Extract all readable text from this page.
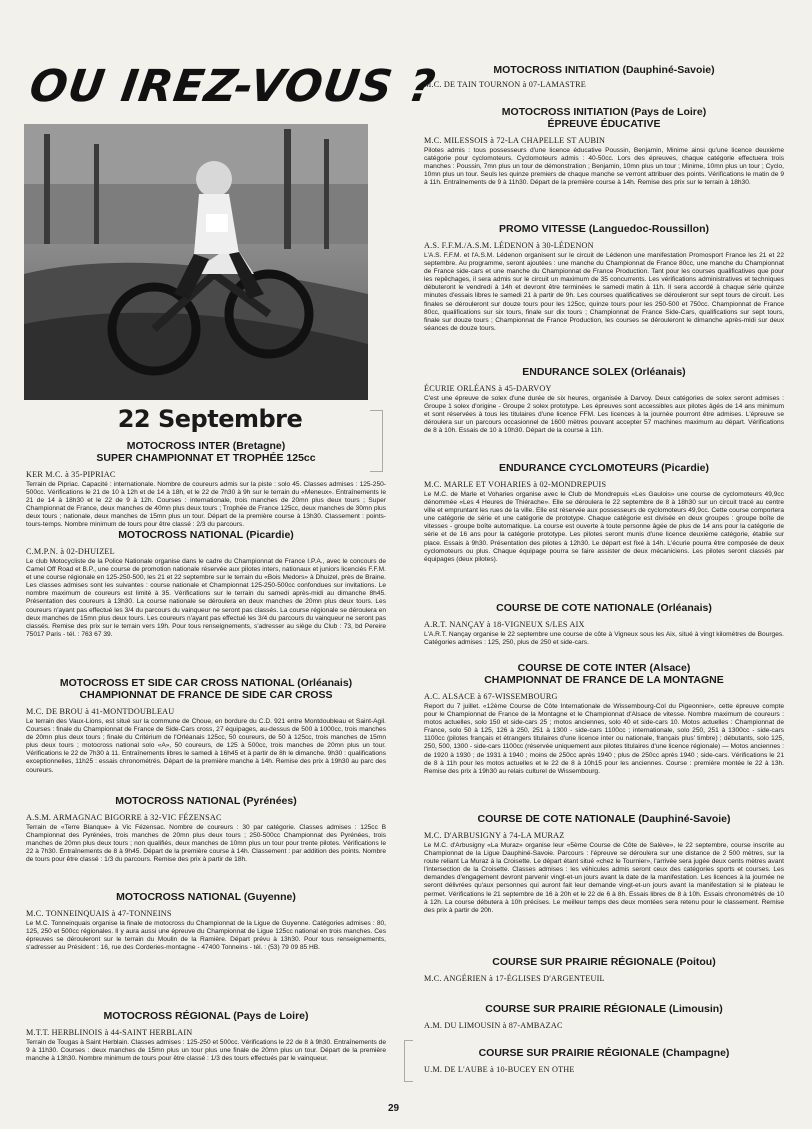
OU IREZ-VOUS ?
22 Septembre

MOTOCROSS INTER (Bretagne)

SUPER CHAMPIONNAT ET TROPHÉE 125cc

KER M.C. à 35-PIPRIAC

Terrain de Pipriac. Capacité : internationale. Nombre de coureurs admis sur la piste : solo 45. Classes admises : 125-250-500cc. Vérifications le 21 de 10 à 12h et de 14 à 18h, et le 22 de 7h30 à 9h sur le terrain du «Meneux». Entraînements le 21 de 14 à 18h30 et le 22 de 9 à 12h. Courses : internationale, trois manches de 20mn plus deux tours ; Super Championnat de France, deux manches de 40mn plus deux tours ; Trophée de France 125cc, deux manches de 30mn plus deux tours ; nationale, deux manches de 15mn plus un tour. Départ de la première course à 13h30. Classement : points-tours-temps. Nombre minimum de tours pour être classé : 2/3 du parcours.

MOTOCROSS NATIONAL (Picardie)

C.M.P.N. à 02-DHUIZEL

Le club Motocycliste de la Police Nationale organise dans le cadre du Championnat de France I.P.A., avec le concours de Camel Off Road et B.P., une course de promotion nationale réservée aux pilotes inters, nationaux et juniors licenciés F.F.M. et une course régionale en 125-250-500, les 21 et 22 septembre sur le terrain du «Bois Medors» à Dhuizel, près de Braine. Les classes admises sont les suivantes : course nationale et Championnat 125-250-500cc confondues sur invitations. Le nombre maximum de coureurs est limité à 35. Vérifications sur le terrain du samedi après-midi au dimanche 8h45. Présentation des coureurs à 13h30. La course nationale se déroulera en deux manches de 20mn plus deux tours. Les coureurs n'ayant pas effectué les 3/4 du parcours du vainqueur ne seront pas classés. La course régionale se déroulera en deux manches de 15mn plus deux tours. Les coureurs n'ayant pas effectué les 3/4 du parcours du vainqueur ne seront pas classés. Remise des prix sur le terrain vers 19h. Pour tous renseignements, s'adresser au siège du Club : 73, bd Pereire 75017 Paris - tél. : 763 67 39.

MOTOCROSS ET SIDE CAR CROSS NATIONAL (Orléanais)

CHAMPIONNAT DE FRANCE DE SIDE CAR CROSS

M.C. DE BROU à 41-MONTDOUBLEAU

Le terrain des Vaux-Lions, est situé sur la commune de Choue, en bordure du C.D. 921 entre Montdoubleau et Saint-Agil. Courses : finale du Championnat de France de Side-Cars cross, 27 équipages, au-dessus de 500 à 1000cc, trois manches de 20mn plus deux tours ; finale du Critérium de l'Orléanais 125cc, 50 coureurs, de 50 à 125cc, trois manches de 15mn plus deux tours ; motocross national solo «A», 50 coureurs, de 125 à 500cc, trois manches de 20mn plus un tour. Vérifications le 22 de 7h30 à 11. Entraînements libres le samedi à 16h45 et à partir de 8h le dimanche. 9h30 : qualifications exceptionnelles, 11h25 : essais chronométrés. Départ de la première manche à 14h. Remise des prix à 19h30 au parc des coureurs.

MOTOCROSS NATIONAL (Pyrénées)

A.S.M. ARMAGNAC BIGORRE à 32-VIC FÉZENSAC

Terrain de «Terre Blanque» à Vic Fézensac. Nombre de coureurs : 30 par catégorie. Classes admises : 125cc B Championnat des Pyrénées, trois manches de 20mn plus deux tours ; 250-500cc Championnat des Pyrénées, trois manches de 20mn plus deux tours ; non qualifiés, deux manches de 10mn plus un tour pour trente pilotes. Vérifications le 22 à 7h30. Entraînements de 8 à 9h45. Départ de la première course à 14h. Classement : par addition des points. Nombre de tours pour être classé : 1/3 du parcours. Remise des prix à partir de 18h.

MOTOCROSS NATIONAL (Guyenne)

M.C. TONNEINQUAIS à 47-TONNEINS

Le M.C. Tonneinquais organise la finale de motocross du Championnat de la Ligue de Guyenne. Catégories admises : 80, 125, 250 et 500cc régionales. Il y aura aussi une épreuve du Championnat de Ligue 125cc national en trois manches. Ces épreuves se dérouleront sur le terrain du Moulin de la Ramière. Départ prévu à 13h30. Pour tous renseignements, s'adresser au Président : 16, rue des Corderies-montagne - 47400 Tonneins - tél. : (53) 79 09 85 HB.

MOTOCROSS RÉGIONAL (Pays de Loire)

M.T.T. HERBLINOIS à 44-SAINT HERBLAIN

Terrain de Tougas à Saint Herblain. Classes admises : 125-250 et 500cc. Vérifications le 22 de 8 à 9h30. Entraînements de 9 à 11h30. Courses : deux manches de 15mn plus un tour plus une finale de 20mn plus un tour. Départ de la première manche à 13h30. Nombre minimum de tours pour être classé : 1/3 des tours effectués par le vainqueur.

MOTOCROSS INITIATION (Dauphiné-Savoie)

M.C. DE TAIN TOURNON à 07-LAMASTRE

MOTOCROSS INITIATION (Pays de Loire)

ÉPREUVE ÉDUCATIVE

M.C. MILESSOIS à 72-LA CHAPELLE ST AUBIN

Pilotes admis : tous possesseurs d'une licence éducative Poussin, Benjamin, Minime ainsi qu'une licence deuxième catégorie pour cyclomoteurs. Cyclomoteurs admis : 40-50cc. Lors des épreuves, chaque catégorie effectuera trois manches : Poussin, 7mn plus un tour de démonstration ; Benjamin, 10mn plus un tour ; Minime, 10mn plus un tour ; Cyclo, 10mn plus un tour. Seuls les quinze premiers de chaque manche se verront attribuer des points. Vérifications le matin de 9 à 11h. Entraînements de 9 à 11h30. Départ de la première course à 14h. Remise des prix sur le terrain à 18h30.

PROMO VITESSE (Languedoc-Roussillon)

A.S. F.F.M./A.S.M. LÉDENON à 30-LÉDENON

L'A.S. F.F.M. et l'A.S.M. Lédenon organisent sur le circuit de Lédenon une manifestation Promosport France les 21 et 22 septembre. Au programme, seront ajoutées : une manche du Championnat de France 80cc, une manche du Championnat de France side-cars et une manche du Championnat de France Production. Tant pour les courses qualificatives que pour les repêchages, il sera admis sur le circuit un maximum de 35 concurrents. Les vérifications administratives et techniques débuteront le vendredi à 14h et devront être terminées le samedi matin à 11h. Il sera accordé à chaque série quinze minutes d'essais libres le samedi 21 à partir de 9h. Les courses qualificatives se dérouleront sur sept tours de circuit. Les finales se dérouleront sur douze tours pour les 125cc, quinze tours pour les 250-500 et 750cc. Championnat de France 80cc, qualifications sur six tours, finale sur dix tours ; Championnat de France Side-Cars, qualifications sur sept tours, finale sur douze tours ; Championnat de France Production, les courses se dérouleront le dimanche après-midi sur deux séances de douze tours.

ENDURANCE SOLEX (Orléanais)

ÉCURIE ORLÉANS à 45-DARVOY

C'est une épreuve de solex d'une durée de six heures, organisée à Darvoy. Deux catégories de solex seront admises : Groupe 1 solex d'origine - Groupe 2 solex prototype. Les épreuves sont accessibles aux pilotes âgés de 14 ans minimum et sont réservées à tous les titulaires d'une licence FFM. Les licences à la journée pourront être admises. L'épreuve se déroulera sur un parcours occasionnel de 1600 mètres pouvant accepter 57 machines maximum au départ. Vérifications de 8 à 10h. Essais de 10 à 10h30. Départ de la course à 11h.

ENDURANCE CYCLOMOTEURS (Picardie)

M.C. MARLE ET VOHARIES à 02-MONDREPUIS

Le M.C. de Marle et Voharies organise avec le Club de Mondrepuis «Les Gaulois» une course de cyclomoteurs 49,9cc dénommée «Les 4 Heures de Thiérache». Elle se déroulera le 22 septembre de 8 à 18h30 sur un circuit tracé au centre ville et empruntant les rues de la ville. Elle est réservée aux possesseurs de cyclomoteurs 49,9cc. Cette course comportera une catégorie de série et une catégorie de prototype. Chaque catégorie est divisée en deux groupes : groupe boîte de vitesses - groupe boîte automatique. La course est ouverte à toute personne âgée de plus de 14 ans pour la catégorie de série et de 16 ans pour la catégorie prototype. Les pilotes seront munis d'une licence deuxième catégorie, établie sur place. Essais à 9h30. Présentation des pilotes à 12h30. Le départ est fixé à 14h. L'écurie pourra être composée de deux cyclomoteurs ou plus. Chaque équipage pourra se faire assister de deux mécaniciens. Les pilotes seront classés par équipages (deux pilotes).

COURSE DE COTE NATIONALE (Orléanais)

A.R.T. NANÇAY à 18-VIGNEUX S/LES AIX

L'A.R.T. Nançay organise le 22 septembre une course de côte à Vigneux sous les Aix, situé à vingt kilomètres de Bourges. Catégories admises : 125, 250, plus de 250 et side-cars.

COURSE DE COTE INTER (Alsace)

CHAMPIONNAT DE FRANCE DE LA MONTAGNE

A.C. ALSACE à 67-WISSEMBOURG

Report du 7 juillet. «12ème Course de Côte Internationale de Wissembourg-Col du Pigeonnier», cette épreuve compte pour le Championnat de France de la Montagne et le Championnat d'Alsace de vitesse. Nombre maximum de coureurs : motos actuelles, solo 150 et side-cars 25 ; motos anciennes, solo 40 et side-cars 10. Motos actuelles : Championnat de France, solo 50 à 125, 126 à 250, 251 à 1300 - side-cars 1100cc ; internationale, solo 250, 251 à 1300cc - side-cars 1100cc (pilotes français et étrangers titulaires d'une licence inter ou nationale, français plus' timbre) ; débutants, solo 125, 250, 500, 1300 - side-cars 1100cc (réservée uniquement aux pilotes titulaires d'une licence régionale) — Motos anciennes : de 1920 à 1930 ; de 1931 à 1940 ; moins de 250cc après 1940 ; plus de 250cc après 1940 ; side-cars. Vérifications le 21 de 8 à 11h pour les motos actuelles et le 22 de 8 à 10h15 pour les anciennes. Course : première montée le 22 à 13h. Remise des prix à 19h30 au relais culturel de Wissembourg.

COURSE DE COTE NATIONALE (Dauphiné-Savoie)

M.C. D'ARBUSIGNY à 74-LA MURAZ

Le M.C. d'Arbusigny «La Muraz» organise leur «5ème Course de Côte de Salève», le 22 septembre, course inscrite au Championnat de la Ligue Dauphiné-Savoie. Parcours : l'épreuve se déroulera sur une distance de 2 500 mètres, sur la route reliant La Muraz à la Croisette. Le départ étant situé «chez le Tournier», l'arrivée sera jugée deux cents mètres avant l'intersection de la Croisette. Classes admises : les véhicules admis seront ceux des catégories sports et courses. Les demandes d'engagement devront parvenir vingt-et-un jours avant la date de la manifestation. Les licences à la journée ne seront délivrées qu'aux personnes qui auront fait leur demande vingt-et-un jours avant la manifestation si le plateau le permet. Vérifications le 21 septembre de 16 à 20h et le 22 de 6 à 8h. Essais libres de 8 à 10h. Essais chronométrés de 10 à 12h. La course débutera à 10h précises. Le meilleur temps des deux montées sera retenu pour le classement. Remise des prix à partir de 20h.

COURSE SUR PRAIRIE RÉGIONALE (Poitou)

M.C. ANGÉRIEN à 17-ÉGLISES D'ARGENTEUIL

COURSE SUR PRAIRIE RÉGIONALE (Limousin)

A.M. DU LIMOUSIN à 87-AMBAZAC

COURSE SUR PRAIRIE RÉGIONALE (Champagne)

U.M. DE L'AUBE à 10-BUCEY EN OTHE

29
